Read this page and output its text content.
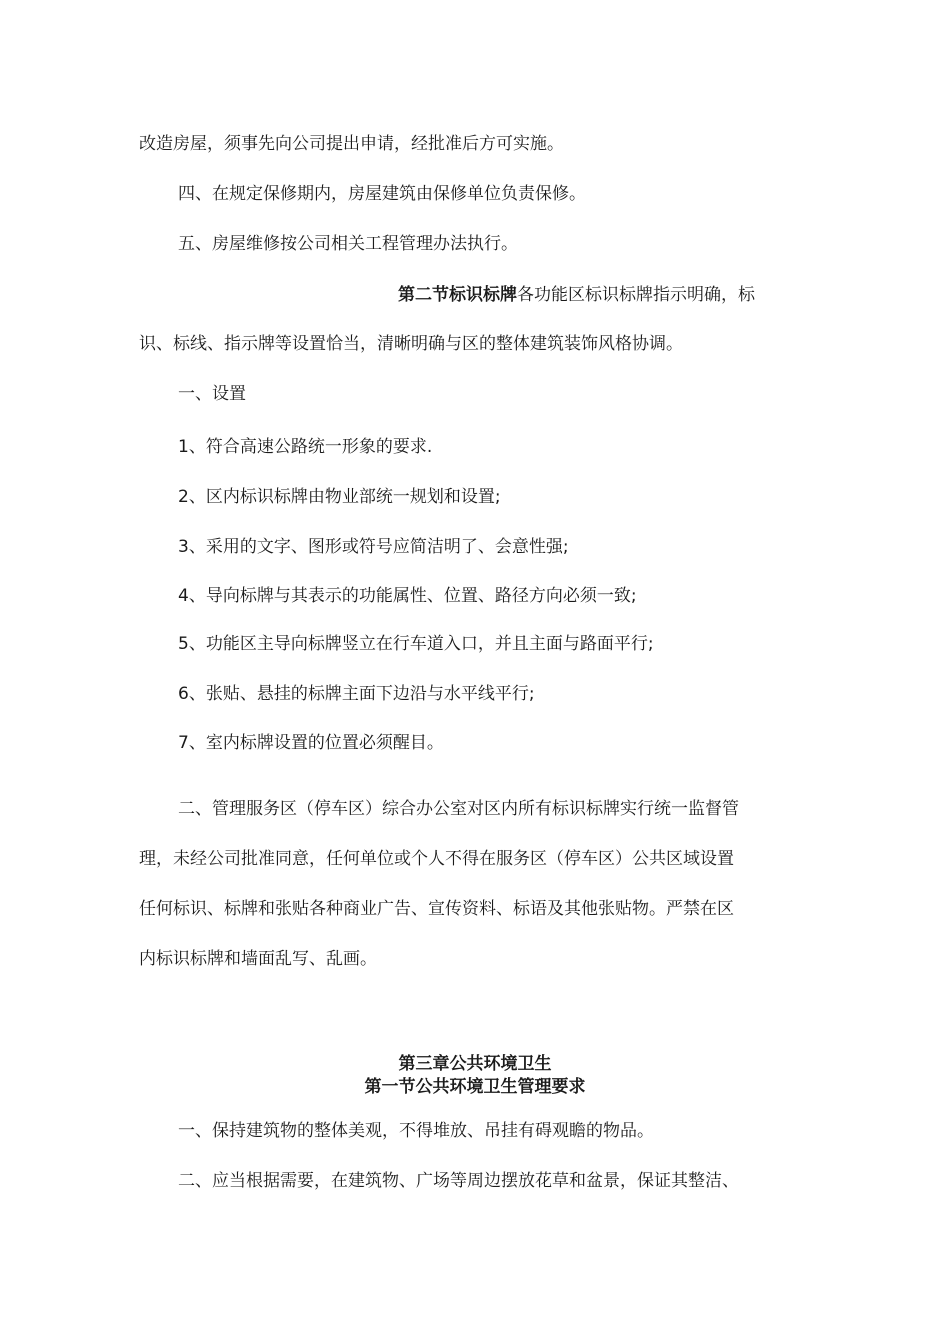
改造房屋，须事先向公司提出申请，经批准后方可实施。
四、在规定保修期内，房屋建筑由保修单位负责保修。
五、房屋维修按公司相关工程管理办法执行。
第二节标识标牌各功能区标识标牌指示明确，标
识、标线、指示牌等设置恰当，清晰明确与区的整体建筑装饰风格协调。
一、设置
1、符合高速公路统一形象的要求.
2、区内标识标牌由物业部统一规划和设置;
3、采用的文字、图形或符号应简洁明了、会意性强;
4、导向标牌与其表示的功能属性、位置、路径方向必须一致;
5、功能区主导向标牌竖立在行车道入口，并且主面与路面平行;
6、张贴、悬挂的标牌主面下边沿与水平线平行;
7、室内标牌设置的位置必须醒目。
二、管理服务区（停车区）综合办公室对区内所有标识标牌实行统一监督管
理，未经公司批准同意，任何单位或个人不得在服务区（停车区）公共区域设置
任何标识、标牌和张贴各种商业广告、宣传资料、标语及其他张贴物。严禁在区
内标识标牌和墙面乱写、乱画。
第三章公共环境卫生
第一节公共环境卫生管理要求
一、保持建筑物的整体美观，不得堆放、吊挂有碍观瞻的物品。
二、应当根据需要，在建筑物、广场等周边摆放花草和盆景，保证其整洁、
